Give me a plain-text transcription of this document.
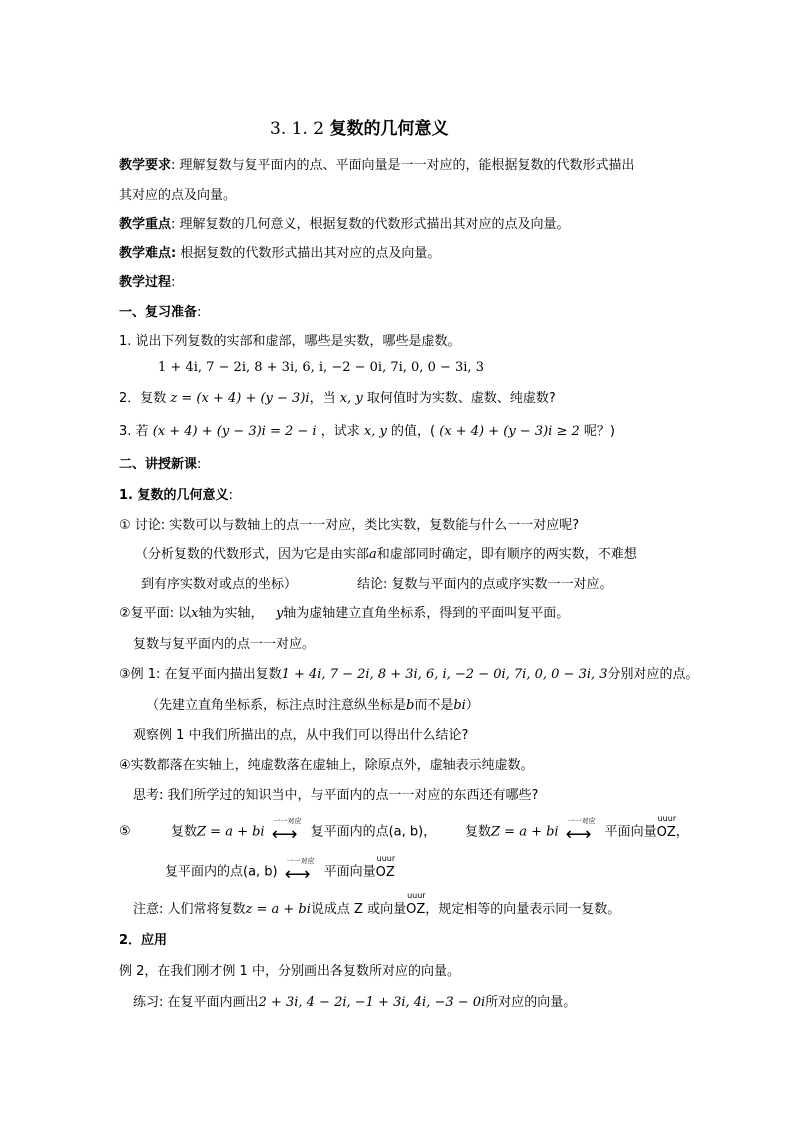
3. 1. 2 复数的几何意义
教学要求: 理解复数与复平面内的点、平面向量是一一对应的，能根据复数的代数形式描出
其对应的点及向量。
教学重点: 理解复数的几何意义，根据复数的代数形式描出其对应的点及向量。
教学难点: 根据复数的代数形式描出其对应的点及向量。
教学过程:
一、复习准备:
1. 说出下列复数的实部和虚部，哪些是实数，哪些是虚数。
1 + 4i, 7 − 2i, 8 + 3i, 6, i, −2 − 0i, 7i, 0, 0 − 3i, 3
2．复数 z = (x + 4) + (y − 3)i，当 x, y 取何值时为实数、虚数、纯虚数?
3. 若 (x + 4) + (y − 3)i = 2 − i ，试求 x, y 的值，( (x + 4) + (y − 3)i ≥ 2 呢？)
二、讲授新课:
1. 复数的几何意义:
① 讨论: 实数可以与数轴上的点一一对应，类比实数，复数能与什么一一对应呢?
（分析复数的代数形式，因为它是由实部a和虚部同时确定，即有顺序的两实数，不难想
到有序实数对或点的坐标）	结论: 复数与平面内的点或序实数一一对应。
②复平面: 以x轴为实轴， y轴为虚轴建立直角坐标系，得到的平面叫复平面。
复数与复平面内的点一一对应。
③例 1: 在复平面内描出复数1 + 4i, 7 − 2i, 8 + 3i, 6, i, −2 − 0i, 7i, 0, 0 − 3i, 3分别对应的点。
（先建立直角坐标系，标注点时注意纵坐标是b而不是bi）
观察例 1 中我们所描出的点，从中我们可以得出什么结论?
④实数都落在实轴上，纯虚数落在虚轴上，除原点外，虚轴表示纯虚数。
思考: 我们所学过的知识当中，与平面内的点一一对应的东西还有哪些?
⑤	复数Z = a + bi
一一对应
⟷ 复平面内的点(a, b)， 复数Z = a + bi
一一对应
⟷ 平面向量
uuur
OZ，
复平面内的点(a, b)
一一对应
⟷ 平面向量
uuur
OZ
注意: 人们常将复数z = a + bi说成点 Z 或向量
uuur
OZ，规定相等的向量表示同一复数。
2．应用
例 2，在我们刚才例 1 中，分别画出各复数所对应的向量。
练习: 在复平面内画出2 + 3i, 4 − 2i, −1 + 3i, 4i, −3 − 0i所对应的向量。
